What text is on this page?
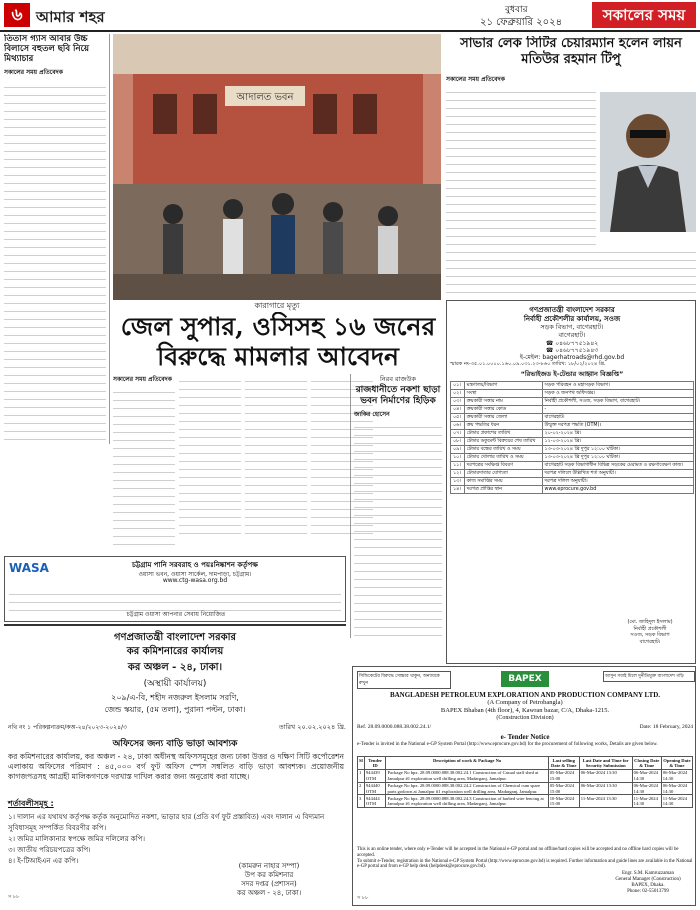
৬ আমার শহর	বুধবার
২১ ফেব্রুয়ারি ২০২৪	সকালের সময়
তিতাস গ্যাস আবার উচ্চ বিলাসে বহুতল ছবি নিয়ে মিথ্যাচার
সকালের সময় প্রতিবেদক
আদালত ভবন
কারাগারে মৃত্যু
সাভার লেক সিটির চেয়ারম্যান হলেন লায়ন মতিউর রহমান টিপু
সকালের সময় প্রতিবেদক
জেল সুপার, ওসিসহ ১৬ জনের বিরুদ্ধে মামলার আবেদন
সকালের সময় প্রতিবেদক	নিরব রাজউক
রাজধানীতে নকশা ছাড়া ভবন নির্মাণের হিড়িক
জাকির হোসেন
WASA	চট্টগ্রাম পানি সরবরাহ ও পয়ঃনিষ্কাশন কর্তৃপক্ষ
ওয়াসা ভবন, ওয়াসা সার্কেল, দামপাড়া, চট্টগ্রাম।
www.ctg-wasa.org.bd
চট্টগ্রাম ওয়াসা আপনার সেবায় নিয়োজিত
গণপ্রজাতন্ত্রী বাংলাদেশ সরকার
কর কমিশনারের কার্যালয়
কর অঞ্চল - ২৪, ঢাকা।
(অস্থায়ী কার্যালয়)
২০৯/এ-বি, শহীদ নজরুল ইসলাম সরণি,
জেন্ড স্কয়ার, (৫ম তলা), পুরানা পল্টন, ঢাকা।
নথি নং ১ পরিকল্পনাক্রম/কঅ-২৪/২০২৩-২০২৪/৩	তারিখ ২০.০২.২০২৪ খ্রি.
অফিসের জন্য বাড়ি ভাড়া আবশ্যক
কর কমিশনারের কার্যালয়, কর অঞ্চল - ২৪, ঢাকা অধীনস্থ অফিসসমূহের জন্য ঢাকা উত্তর ও দক্ষিণ সিটি কর্পোরেশন এলাকায় অফিসের পরিমাণ : ৪৫,০০০ বর্গ ফুট অফিস স্পেস সম্বলিত বাড়ি ভাড়া আবশ্যক। প্রয়োজনীয় কাগজপত্রসহ আগ্রহী মালিকগণকে দরখাস্ত দাখিল করার জন্য অনুরোধ করা যাচ্ছে।
শর্তাবলীসমূহ :
১। দালান এর যথাযথ কর্তৃপক্ষ কর্তৃক অনুমোদিত নকশা, ভাড়ার হার (প্রতি বর্গ ফুট প্রস্তাবিত) এবং দালান এ বিদ্যমান সুবিধাসমূহ সম্পর্কিত বিবরণীর কপি।
২। জমির মালিকানার স্বপক্ষে জমির দলিলের কপি।
৩। জাতীয় পরিচয়পত্রের কপি।
৪। ই-টিআইএন এর কপি।
(কামরুন নাহার সম্পা)
উপ কর কমিশনার
সদর দপ্তর (প্রশাসন)
কর অঞ্চল - ২৪, ঢাকা।
স ৮৮
গণপ্রজাতন্ত্রী বাংলাদেশ সরকার
নির্বাহী প্রকৌশলীর কার্যালয়, সওজ
সড়ক বিভাগ, বাগেরহাট।
বাগেরহাট।
☎ ০৪৬৮৭৭৫১৯৪২
☎ ০৪৬৮৭৭৫১৯৪৩
ই-মেইল: bagerhatroads@rhd.gov.bd
স্মারক নং-৩৫.০১.০০০০.১৬০.০৯.০৩১.২৩-৮৬০ তারিখ: ১৮/০২/২০২৪ খ্রি.
“রিভাইজড ই-টেন্ডার আহ্বান বিজ্ঞপ্তি”
০১।	মন্ত্রণালয়/বিভাগ	সড়ক পরিবহন ও মহাসড়ক বিভাগ।
০২।	সংস্থা	সড়ক ও জনপথ অধিদপ্তর।
০৩।	ক্রয়কারী সত্তার নাম	নির্বাহী প্রকৌশলী, সওজ, সড়ক বিভাগ, বাগেরহাট।
০৪।	ক্রয়কারী সত্তার কোড	-
০৫।	ক্রয়কারী সত্তার জেলা	বাগেরহাট।
০৬।	ক্রয় পদ্ধতির ধরন	উন্মুক্ত দরপত্র পদ্ধতি (OTM)।
০৭।	টেন্ডার প্রকাশের তারিখ	২০-০২-২০২৪ খ্রি।
০৮।	টেন্ডার ডকুমেন্ট বিক্রয়ের শেষ তারিখ	১২-০৩-২০২৪ খ্রি।
০৯।	টেন্ডার বন্ধের তারিখ ও সময়	১৩-০৩-২০২৪ খ্রি দুপুর ১২:০০ ঘটিকা।
১০।	টেন্ডার খোলার তারিখ ও সময়	১৩-০৩-২০২৪ খ্রি দুপুর ১২:০০ ঘটিকা।
১১।	দরপত্রের সংক্ষিপ্ত বিবরণ	বাগেরহাট সড়ক বিভাগাধীন বিভিন্ন সড়কের মেরামত ও রক্ষণাবেক্ষণ কাজ।
১২।	টেন্ডারদাতার যোগ্যতা	দরপত্র দলিলে উল্লিখিত শর্ত অনুযায়ী।
১৩।	কাজ সমাপ্তির সময়	দরপত্র দলিল অনুযায়ী।
১৪।	দরপত্র প্রাপ্তির স্থান	www.eprocure.gov.bd
(মো. জাহিদুল ইসলাম)
নির্বাহী প্রকৌশলী
সওজ, সড়ক বিভাগ
বাগেরহাট।
সিন্ডিকেটের বিরুদ্ধে সোচ্চার থাকুন, অন্যায়কে রুখুন	BAPEX	আসুন সবাই মিলে দুর্নীতিমুক্ত বাংলাদেশ গড়ি
BANGLADESH PETROLEUM EXPLORATION AND PRODUCTION COMPANY LTD.
(A Company of Petrobangla)
BAPEX Bhaban (4th floor), 4, Kawran bazar, C/A, Dhaka-1215.
(Construction Division)
Ref. 28.09.0000.088.38.002.24.1/	Date: 18 February, 2024
e- Tender Notice
e-Tender is invited in the National e-GP System Portal (http://www.eprocure.gov.bd) for the procurement of following works, Details are given below.
Sl	Tender ID	Description of work & Package No	Last selling Date & Time	Last Date and Time for Security Submission	Closing Date & Time	Opening Date & Time
1	944439 OTM	Package No bpx. 28.09.0000.088.38.002.24.1 Construction of Casual staff shed at Jamalpur #1 exploration well drilling area, Madarganj, Jamalpur.	05-Mar-2024 15:00	06-Mar-2024 13:30	06-Mar-2024 14:30	06-Mar-2024 14:30
2	944440 OTM	Package No bpx. 28.09.0000.088.38.002.24.2 Construction of Chemical cum spare parts godown at Jamalpur #1 exploration well drilling area, Madarganj, Jamalpur.	05-Mar-2024 15:00	06-Mar-2024 13:30	06-Mar-2024 14:30	06-Mar-2024 14:30
3	944444 OTM	Package No bpx. 28.09.0000.088.38.002.24.3 Construction of barbed wire fencing at Jamalpur #1 exploration well drilling area, Madarganj, Jamalpur.	10-Mar-2024 15:00	11-Mar-2024 13:30	11-Mar-2024 14:30	11-Mar-2024 14:30
This is an online tender, where only e-Tender will be accepted in the National e-GP portal and no offline/hard copies will be accepted and no offline hard copies will be accepted.
To submit e-Tender, registration in the National e-GP System Portal (http://www.eprocure.gov.bd) is required. Further information and guide lines are available in the National e-GP portal and from e-GP help desk (helpdesk@eprocure.gov.bd).
Engr. S.M. Kamruzzaman
General Manager (Construction)
BAPEX, Dhaka.
Phone: 02-55013799
স ৮৮
